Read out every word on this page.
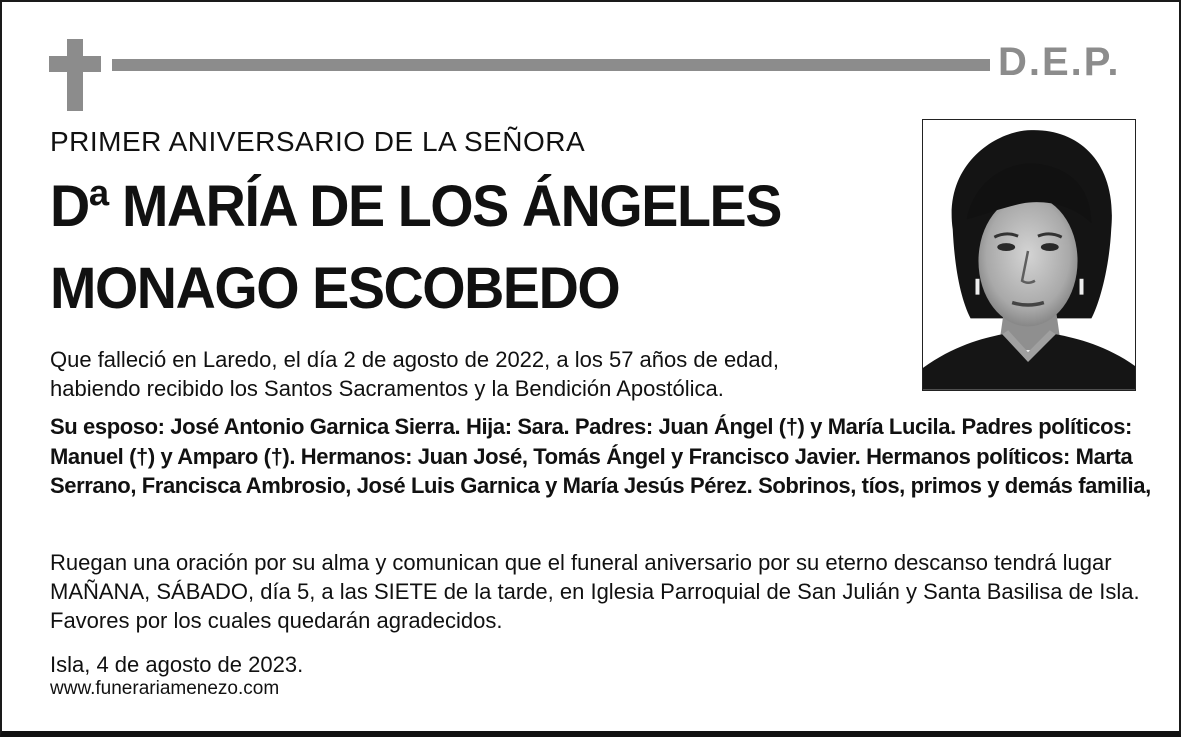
D.E.P.
PRIMER ANIVERSARIO DE LA SEÑORA
Dª MARÍA DE LOS ÁNGELES
MONAGO ESCOBEDO
Que falleció en Laredo, el día 2 de agosto de 2022, a los 57 años de edad, habiendo recibido los Santos Sacramentos y la Bendición Apostólica.
Su esposo: José Antonio Garnica Sierra. Hija: Sara. Padres: Juan Ángel (†) y María Lucila. Padres políticos: Manuel (†) y Amparo (†). Hermanos: Juan José, Tomás Ángel y Francisco Javier. Hermanos políticos: Marta Serrano, Francisca Ambrosio, José Luis Garnica y María Jesús Pérez. Sobrinos, tíos, primos y demás familia,
Ruegan una oración por su alma y comunican que el funeral aniversario por su eterno descanso tendrá lugar MAÑANA, SÁBADO, día 5, a las SIETE de la tarde, en Iglesia Parroquial de San Julián y Santa Basilisa de Isla. Favores por los cuales quedarán agradecidos.
Isla, 4 de agosto de 2023.
www.funerariamenezo.com
